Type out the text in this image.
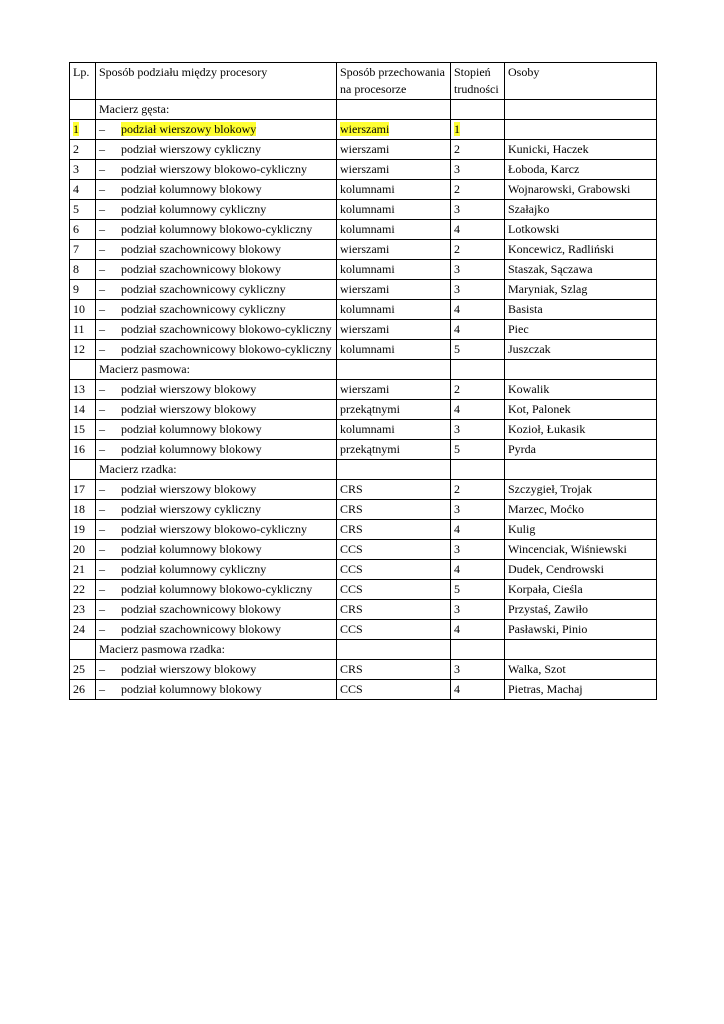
Lp.	Sposób podziału między procesory	Sposób przechowania na procesorze	Stopień trudności	Osoby
	Macierz gęsta:			
1	– podział wierszowy blokowy	wierszami	1	
2	– podział wierszowy cykliczny	wierszami	2	Kunicki, Haczek
3	– podział wierszowy blokowo-cykliczny	wierszami	3	Łoboda, Karcz
4	– podział kolumnowy blokowy	kolumnami	2	Wojnarowski, Grabowski
5	– podział kolumnowy cykliczny	kolumnami	3	Szałajko
6	– podział kolumnowy blokowo-cykliczny	kolumnami	4	Lotkowski
7	– podział szachownicowy blokowy	wierszami	2	Koncewicz, Radliński
8	– podział szachownicowy blokowy	kolumnami	3	Staszak, Sączawa
9	– podział szachownicowy cykliczny	wierszami	3	Maryniak, Szlag
10	– podział szachownicowy cykliczny	kolumnami	4	Basista
11	– podział szachownicowy blokowo-cykliczny	wierszami	4	Piec
12	– podział szachownicowy blokowo-cykliczny	kolumnami	5	Juszczak
	Macierz pasmowa:			
13	– podział wierszowy blokowy	wierszami	2	Kowalik
14	– podział wierszowy blokowy	przekątnymi	4	Kot, Palonek
15	– podział kolumnowy blokowy	kolumnami	3	Kozioł, Łukasik
16	– podział kolumnowy blokowy	przekątnymi	5	Pyrda
	Macierz rzadka:			
17	– podział wierszowy blokowy	CRS	2	Szczygieł, Trojak
18	– podział wierszowy cykliczny	CRS	3	Marzec, Moćko
19	– podział wierszowy blokowo-cykliczny	CRS	4	Kulig
20	– podział kolumnowy blokowy	CCS	3	Wincenciak, Wiśniewski
21	– podział kolumnowy cykliczny	CCS	4	Dudek, Cendrowski
22	– podział kolumnowy blokowo-cykliczny	CCS	5	Korpała, Cieśla
23	– podział szachownicowy blokowy	CRS	3	Przystaś, Zawiło
24	– podział szachownicowy blokowy	CCS	4	Pasławski, Pinio
	Macierz pasmowa rzadka:			
25	– podział wierszowy blokowy	CRS	3	Walka, Szot
26	– podział kolumnowy blokowy	CCS	4	Pietras, Machaj
